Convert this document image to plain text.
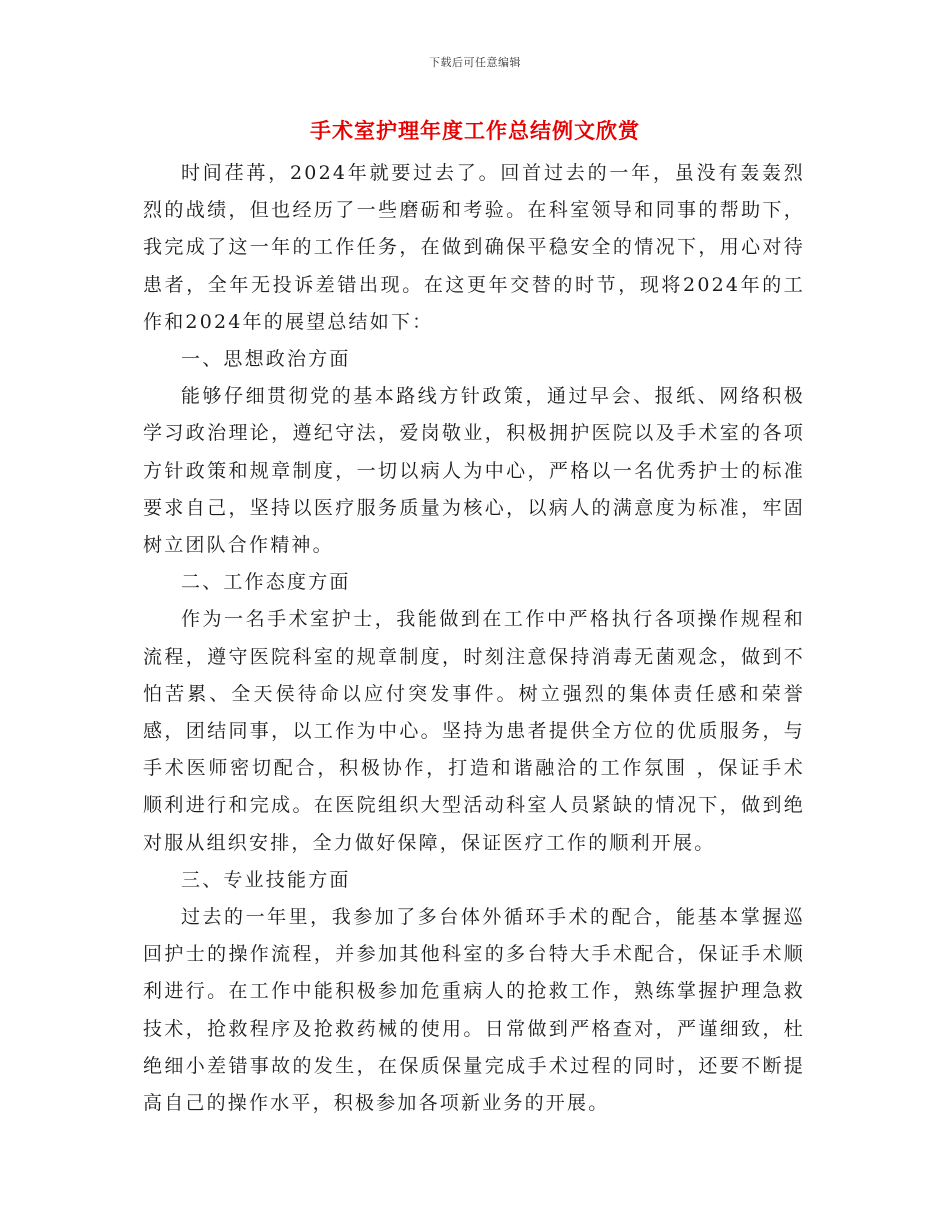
下载后可任意编辑
手术室护理年度工作总结例文欣赏

时间荏苒，2024年就要过去了。回首过去的一年，虽没有轰轰烈烈的战绩，但也经历了一些磨砺和考验。在科室领导和同事的帮助下，我完成了这一年的工作任务，在做到确保平稳安全的情况下，用心对待患者，全年无投诉差错出现。在这更年交替的时节，现将2024年的工作和2024年的展望总结如下：

一、思想政治方面

能够仔细贯彻党的基本路线方针政策，通过早会、报纸、网络积极学习政治理论，遵纪守法，爱岗敬业，积极拥护医院以及手术室的各项方针政策和规章制度，一切以病人为中心，严格以一名优秀护士的标准要求自己，坚持以医疗服务质量为核心，以病人的满意度为标准，牢固树立团队合作精神。

二、工作态度方面

作为一名手术室护士，我能做到在工作中严格执行各项操作规程和流程，遵守医院科室的规章制度，时刻注意保持消毒无菌观念，做到不怕苦累、全天侯待命以应付突发事件。树立强烈的集体责任感和荣誉感，团结同事，以工作为中心。坚持为患者提供全方位的优质服务，与手术医师密切配合，积极协作，打造和谐融洽的工作氛围 ，保证手术顺利进行和完成。在医院组织大型活动科室人员紧缺的情况下，做到绝对服从组织安排，全力做好保障，保证医疗工作的顺利开展。

三、专业技能方面

过去的一年里，我参加了多台体外循环手术的配合，能基本掌握巡回护士的操作流程，并参加其他科室的多台特大手术配合，保证手术顺利进行。在工作中能积极参加危重病人的抢救工作，熟练掌握护理急救技术，抢救程序及抢救药械的使用。日常做到严格查对，严谨细致，杜绝细小差错事故的发生，在保质保量完成手术过程的同时，还要不断提高自己的操作水平，积极参加各项新业务的开展。
